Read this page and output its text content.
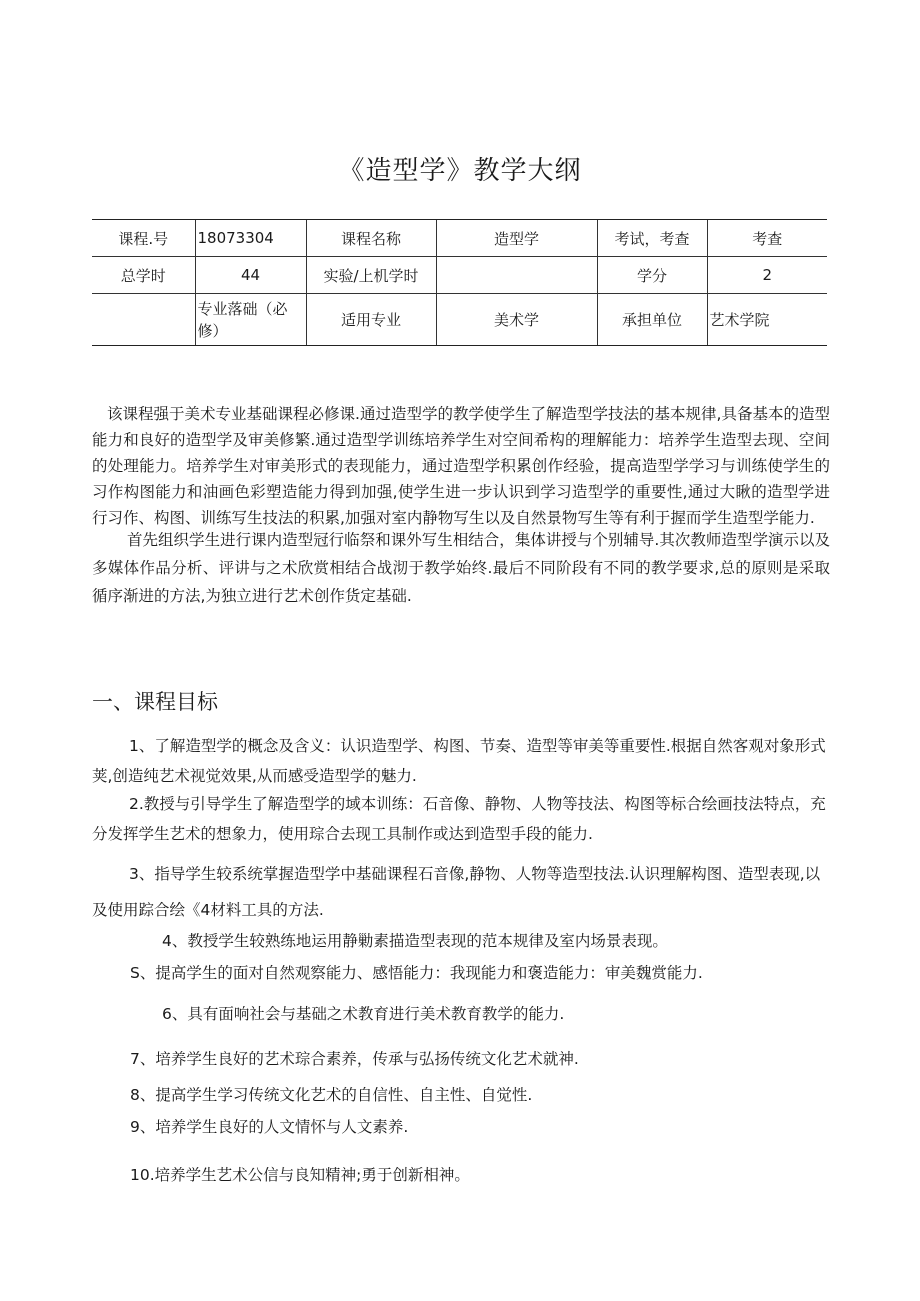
《造型学》教学大纲
课程.号	18073304	课程名称	造型学	考试，考查	考查
总学时	44	实验/上机学时		学分	2
	专业落础（必修）	适用专业	美术学	承担单位	艺术学院
该课程强于美术专业基础课程必修课.通过造型学的教学使学生了解造型学技法的基本规律,具备基本的造型能力和良好的造型学及审美修繁.通过造型学训练培养学生对空间希构的理解能力：培养学生造型去现、空间的处理能力。培养学生对审美形式的表现能力，通过造型学积累创作经验，提高造型学学习与训练使学生的习作构图能力和油画色彩塑造能力得到加强,使学生进一步认识到学习造型学的重要性,通过大瞅的造型学进行习作、构图、训练写生技法的积累,加强对室内静物写生以及自然景物写生等有利于握而学生造型学能力.
首先组织学生进行课内造型冠行临祭和课外写生相结合，集体讲授与个别辅导.其次教师造型学演示以及多媒体作品分析、评讲与之术欣赏相结合战沏于教学始终.最后不同阶段有不同的教学要求,总的原则是采取循序渐进的方法,为独立进行艺术创作货定基础.
一、课程目标
1、了解造型学的概念及含义：认识造型学、构图、节奏、造型等审美等重要性.根据自然客观对象形式荚,创造纯艺术视觉效果,从而感受造型学的魅力.
2.教授与引导学生了解造型学的域本训练：石音像、静物、人物等技法、构图等标合绘画技法特点，充分发挥学生艺术的想象力，使用琮合去现工具制作或达到造型手段的能力.
3、指导学生较系统掌握造型学中基础课程石音像,静物、人物等造型技法.认识理解构图、造型表现,以及使用踪合绘《4材料工具的方法.
4、教授学生较熟练地运用静勦素描造型表现的范本规律及室内场景表现。
S、提高学生的面对自然观察能力、感悟能力：我现能力和褒造能力：审美魏赏能力.
6、具有面响社会与基础之术教育进行美术教育教学的能力.
7、培养学生良好的艺术琮合素养，传承与弘扬传统文化艺术就神.
8、提高学生学习传统文化艺术的自信性、自主性、自觉性.
9、培养学生良好的人文情怀与人文素养.
10.培养学生艺术公信与良知精神;勇于创新相神。
